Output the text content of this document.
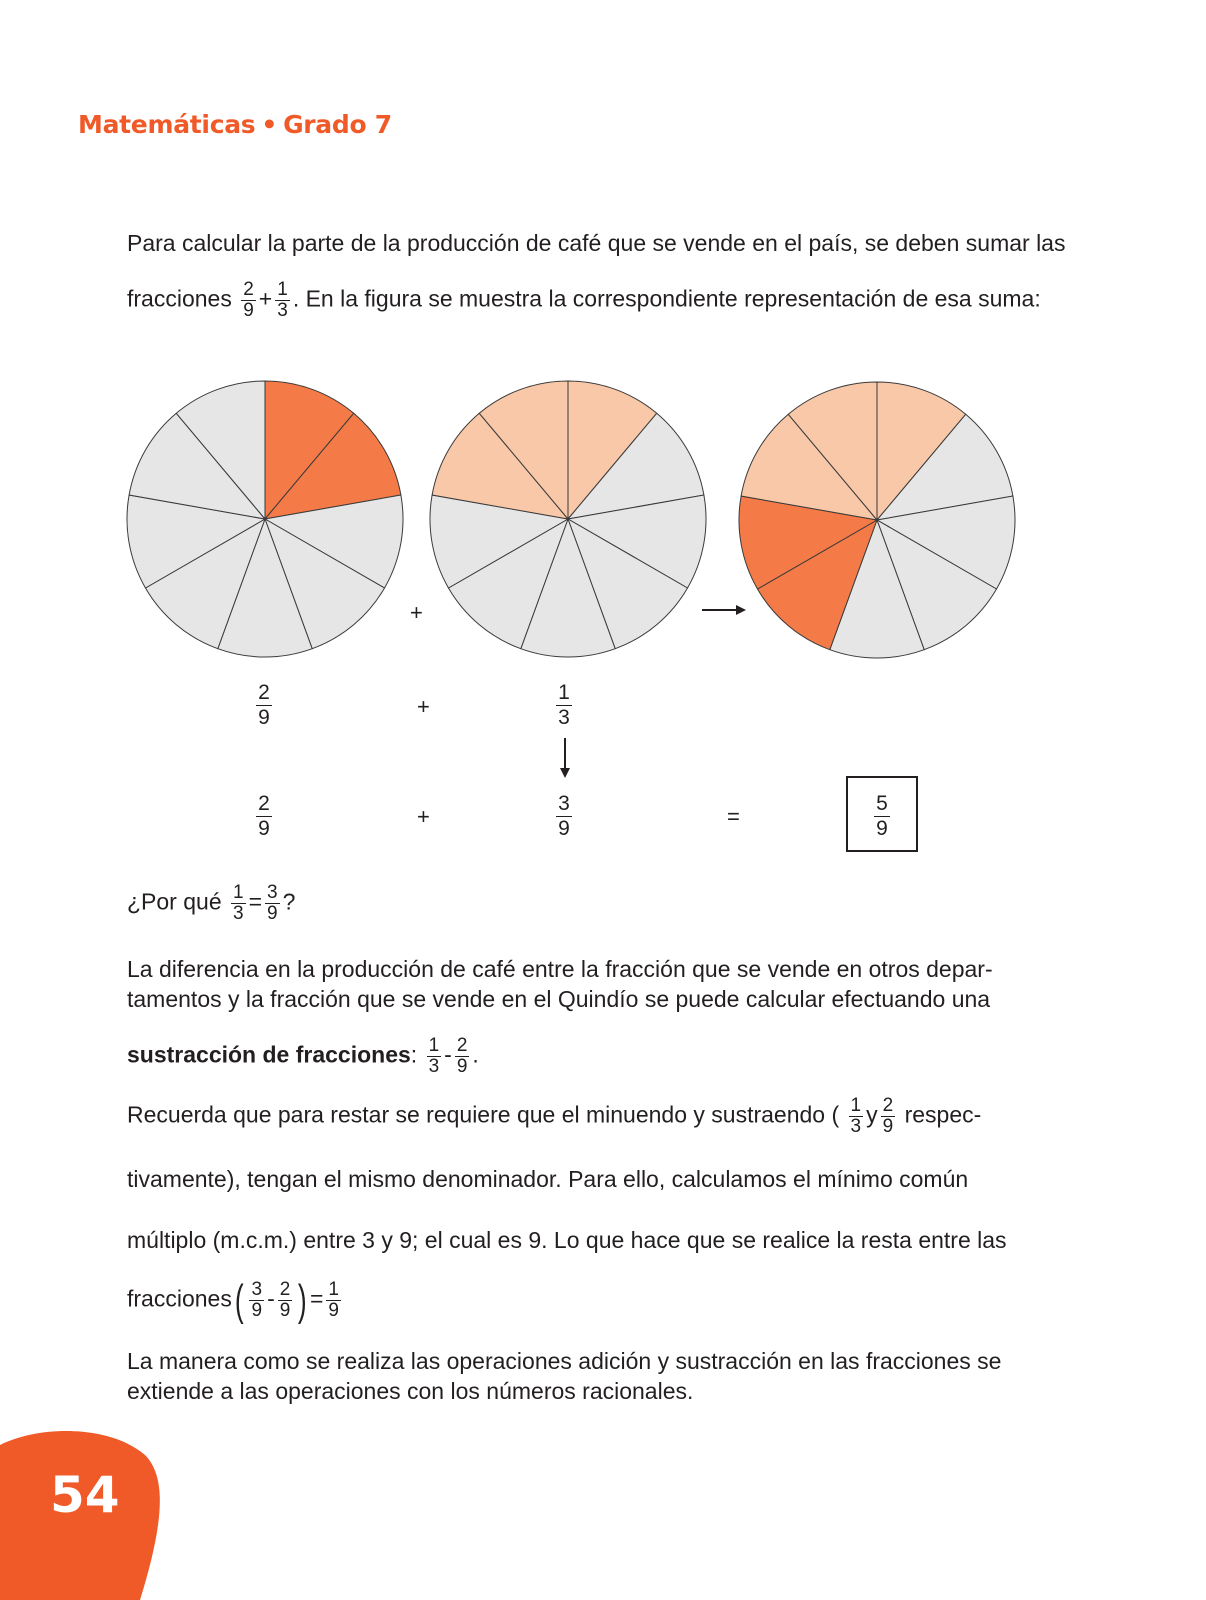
Matemáticas • Grado 7
Para calcular la parte de la producción de café que se vende en el país, se deben sumar las
fracciones $\frac{2}{9} + \frac{1}{3}$ . En la figura se muestra la correspondiente representación de esa suma:
+
$\frac{2}{9}$	+	$\frac{1}{3}$
$\frac{2}{9}$	+	$\frac{3}{9}$	=	$\frac{5}{9}$
¿Por qué $\frac{1}{3} = \frac{3}{9}$ ?
La diferencia en la producción de café entre la fracción que se vende en otros depar-
tamentos y la fracción que se vende en el Quindío se puede calcular efectuando una
sustracción de fracciones: $\frac{1}{3} - \frac{2}{9}$ .
Recuerda que para restar se requiere que el minuendo y sustraendo ( $\frac{1}{3}$ y $\frac{2}{9}$ respec-
tivamente), tengan el mismo denominador. Para ello, calculamos el mínimo común
múltiplo (m.c.m.) entre 3 y 9; el cual es 9. Lo que hace que se realice la resta entre las
fracciones( $\frac{3}{9} - \frac{2}{9}$ ) = $\frac{1}{9}$
La manera como se realiza las operaciones adición y sustracción en las fracciones se
extiende a las operaciones con los números racionales.
54
